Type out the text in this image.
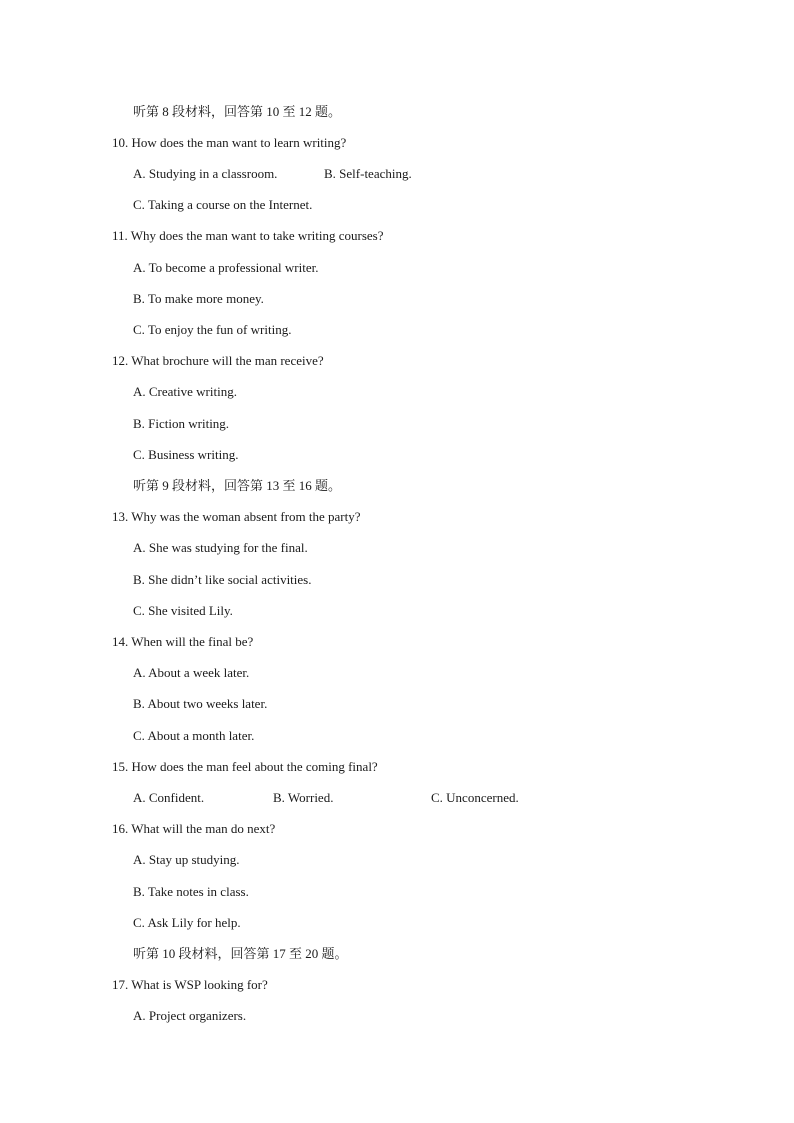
听第 8 段材料，回答第 10 至 12 题。
10. How does the man want to learn writing?
A. Studying in a classroom.	B. Self-teaching.
C. Taking a course on the Internet.
11. Why does the man want to take writing courses?
A. To become a professional writer.
B. To make more money.
C. To enjoy the fun of writing.
12. What brochure will the man receive?
A. Creative writing.
B. Fiction writing.
C. Business writing.
听第 9 段材料，回答第 13 至 16 题。
13. Why was the woman absent from the party?
A. She was studying for the final.
B. She didn’t like social activities.
C. She visited Lily.
14. When will the final be?
A. About a week later.
B. About two weeks later.
C. About a month later.
15. How does the man feel about the coming final?
A. Confident.	B. Worried.	C. Unconcerned.
16. What will the man do next?
A. Stay up studying.
B. Take notes in class.
C. Ask Lily for help.
听第 10 段材料，回答第 17 至 20 题。
17. What is WSP looking for?
A. Project organizers.
